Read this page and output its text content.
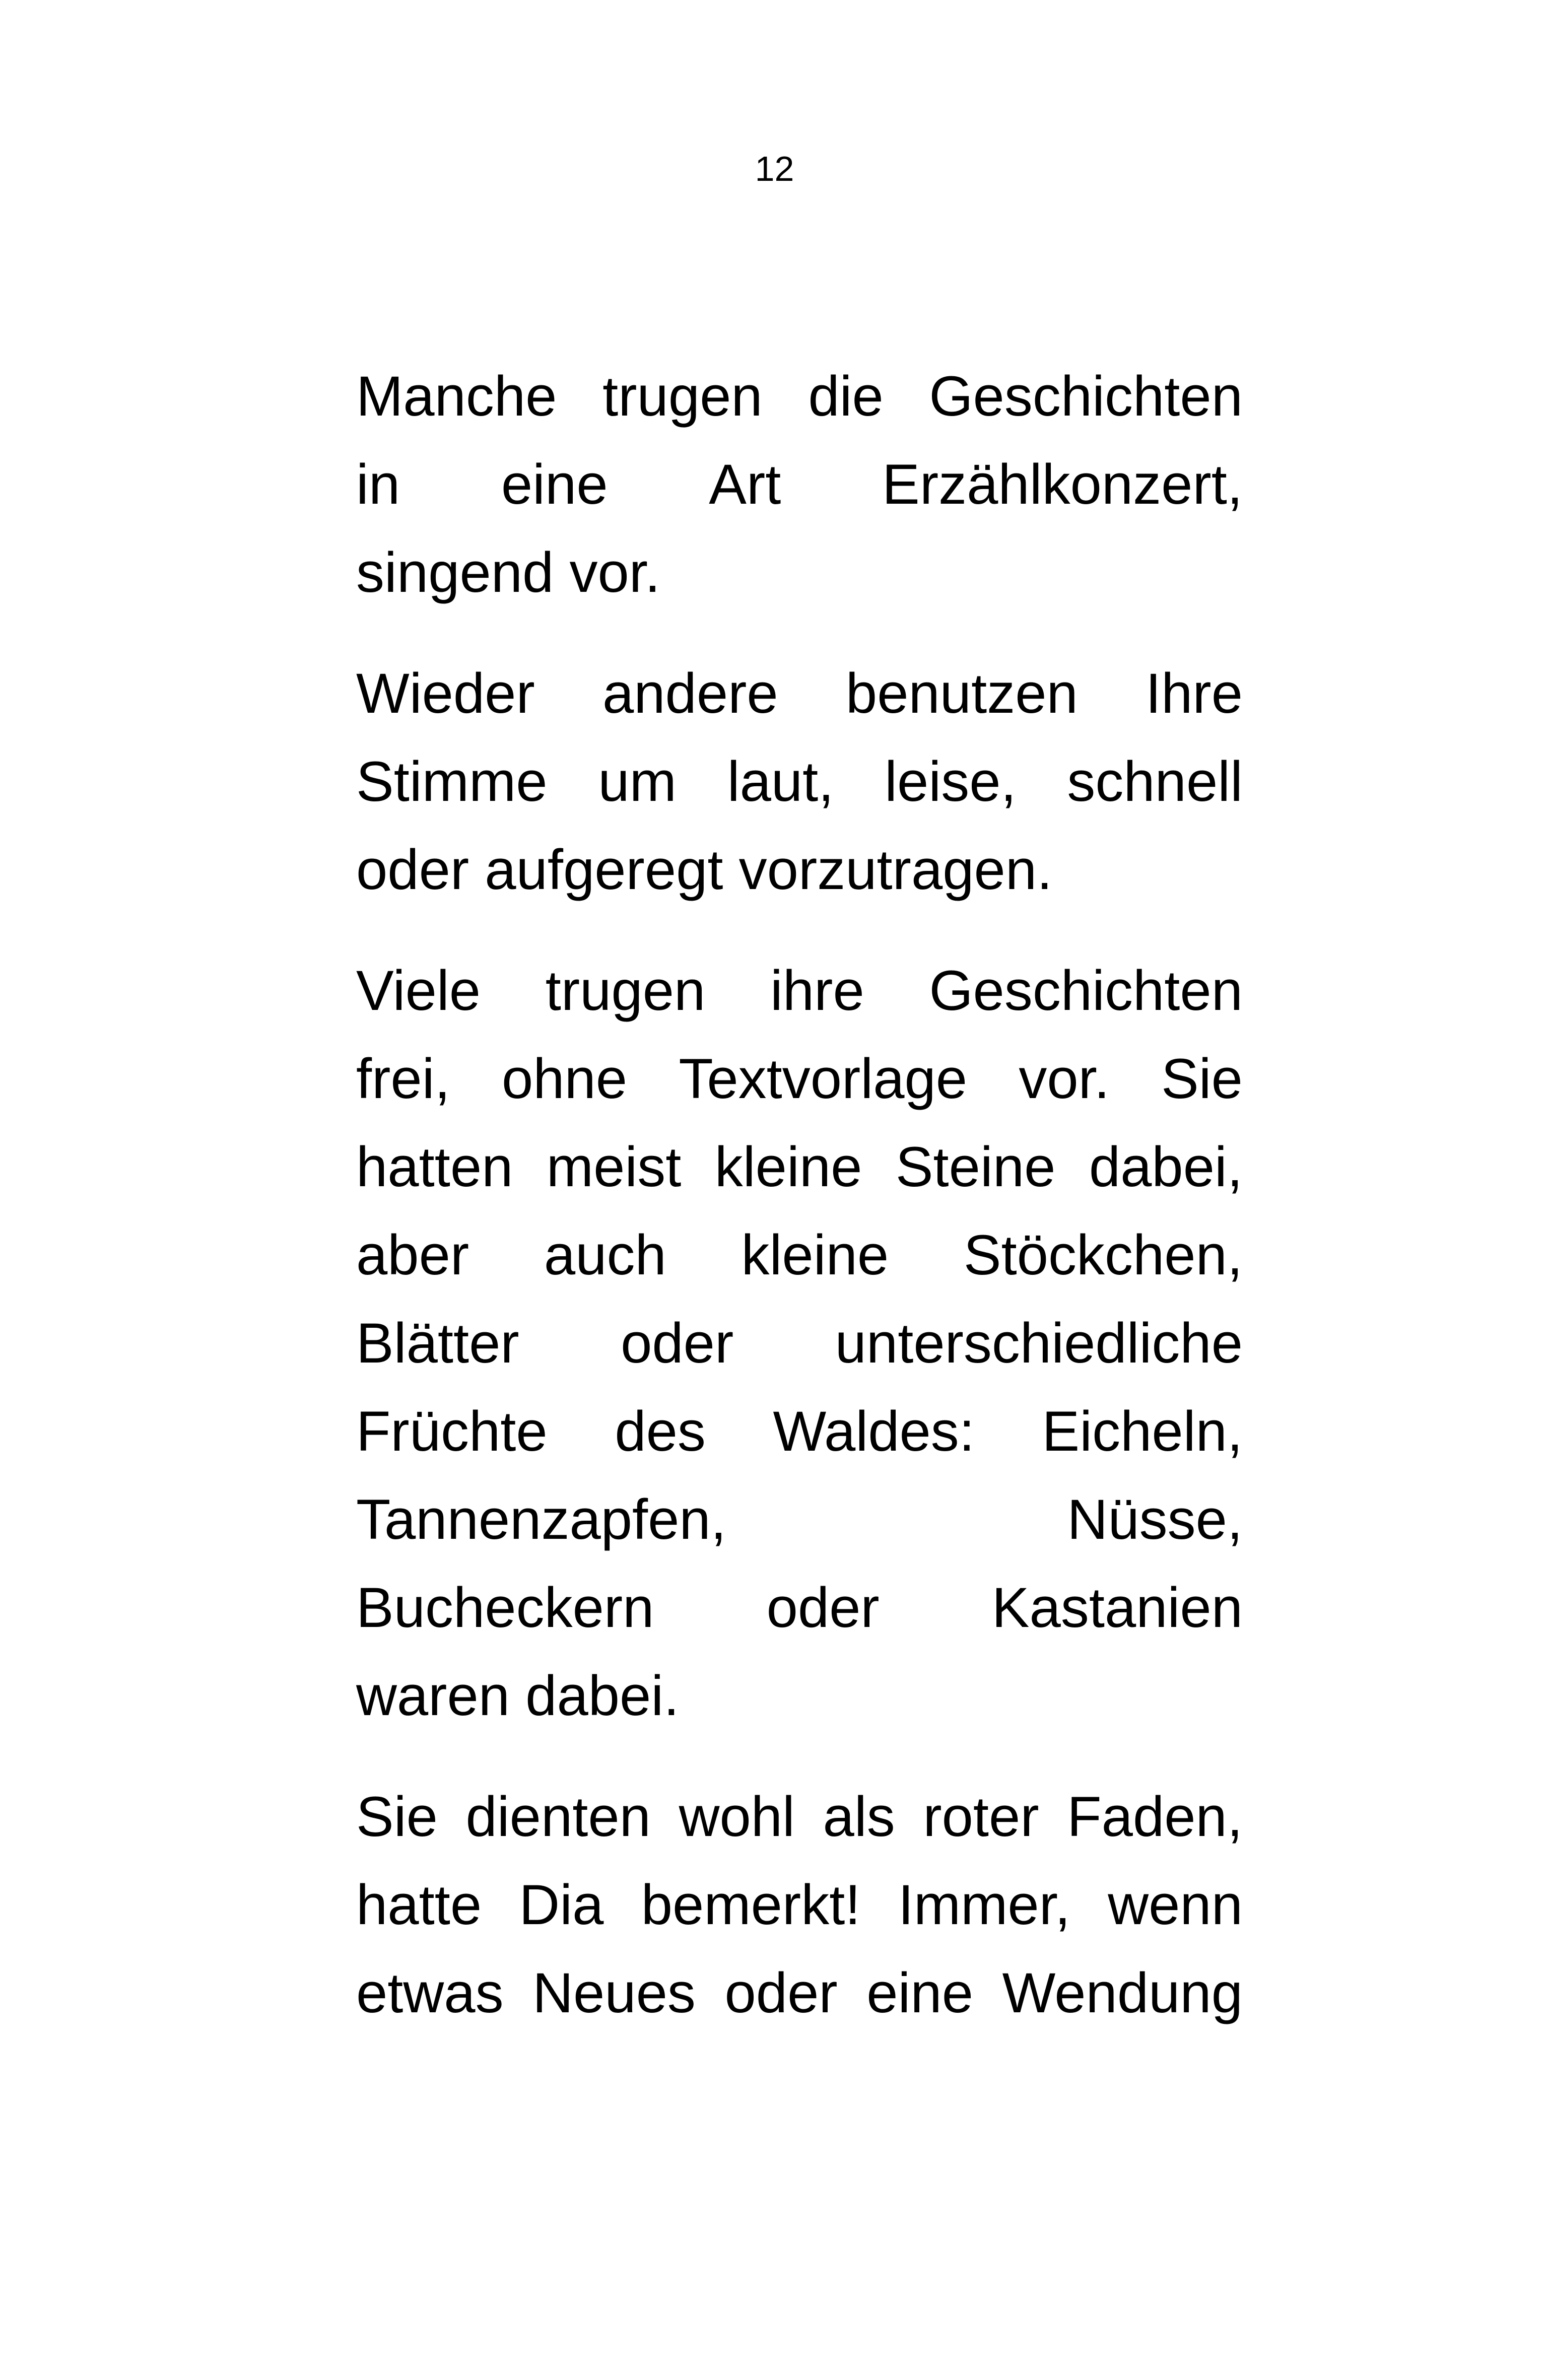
12
Manche trugen die Geschichten
in eine Art Erzählkonzert,
singend vor.
Wieder andere benutzen Ihre
Stimme um laut, leise, schnell
oder aufgeregt vorzutragen.
Viele trugen ihre Geschichten
frei, ohne Textvorlage vor. Sie
hatten meist kleine Steine dabei,
aber auch kleine Stöckchen,
Blätter oder unterschiedliche
Früchte des Waldes: Eicheln,
Tannenzapfen,	Nüsse,
Bucheckern oder Kastanien
waren dabei.
Sie dienten wohl als roter Faden,
hatte Dia bemerkt! Immer, wenn
etwas Neues oder eine Wendung
